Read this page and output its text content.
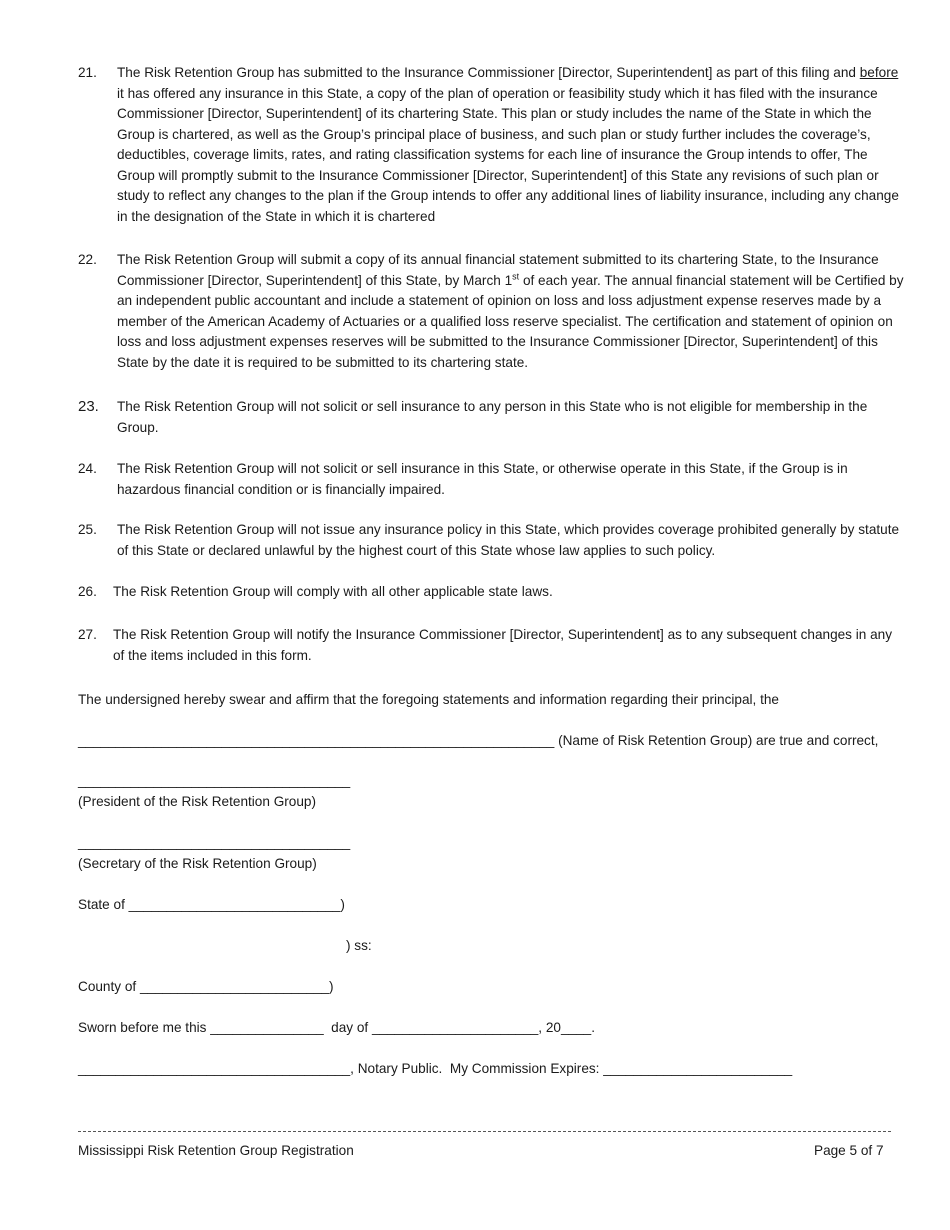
21. The Risk Retention Group has submitted to the Insurance Commissioner [Director, Superintendent] as part of this filing and before it has offered any insurance in this State, a copy of the plan of operation or feasibility study which it has filed with the insurance Commissioner [Director, Superintendent] of its chartering State. This plan or study includes the name of the State in which the Group is chartered, as well as the Group’s principal place of business, and such plan or study further includes the coverage’s, deductibles, coverage limits, rates, and rating classification systems for each line of insurance the Group intends to offer, The Group will promptly submit to the Insurance Commissioner [Director, Superintendent] of this State any revisions of such plan or study to reflect any changes to the plan if the Group intends to offer any additional lines of liability insurance, including any change in the designation of the State in which it is chartered
22. The Risk Retention Group will submit a copy of its annual financial statement submitted to its chartering State, to the Insurance Commissioner [Director, Superintendent] of this State, by March 1st of each year. The annual financial statement will be Certified by an independent public accountant and include a statement of opinion on loss and loss adjustment expense reserves made by a member of the American Academy of Actuaries or a qualified loss reserve specialist. The certification and statement of opinion on loss and loss adjustment expenses reserves will be submitted to the Insurance Commissioner [Director, Superintendent] of this State by the date it is required to be submitted to its chartering state.
23. The Risk Retention Group will not solicit or sell insurance to any person in this State who is not eligible for membership in the Group.
24. The Risk Retention Group will not solicit or sell insurance in this State, or otherwise operate in this State, if the Group is in hazardous financial condition or is financially impaired.
25. The Risk Retention Group will not issue any insurance policy in this State, which provides coverage prohibited generally by statute of this State or declared unlawful by the highest court of this State whose law applies to such policy.
26. The Risk Retention Group will comply with all other applicable state laws.
27. The Risk Retention Group will notify the Insurance Commissioner [Director, Superintendent] as to any subsequent changes in any of the items included in this form.
The undersigned hereby swear and affirm that the foregoing statements and information regarding their principal, the
_______________________________________________________________ (Name of Risk Retention Group) are true and correct,
____________________________________
(President of the Risk Retention Group)
____________________________________
(Secretary of the Risk Retention Group)
State of ____________________________)
) ss:
County of _________________________)
Sworn before me this _______________  day of ______________________, 20____.
____________________________________, Notary Public.  My Commission Expires: _________________________
Mississippi Risk Retention Group Registration	Page 5 of 7
